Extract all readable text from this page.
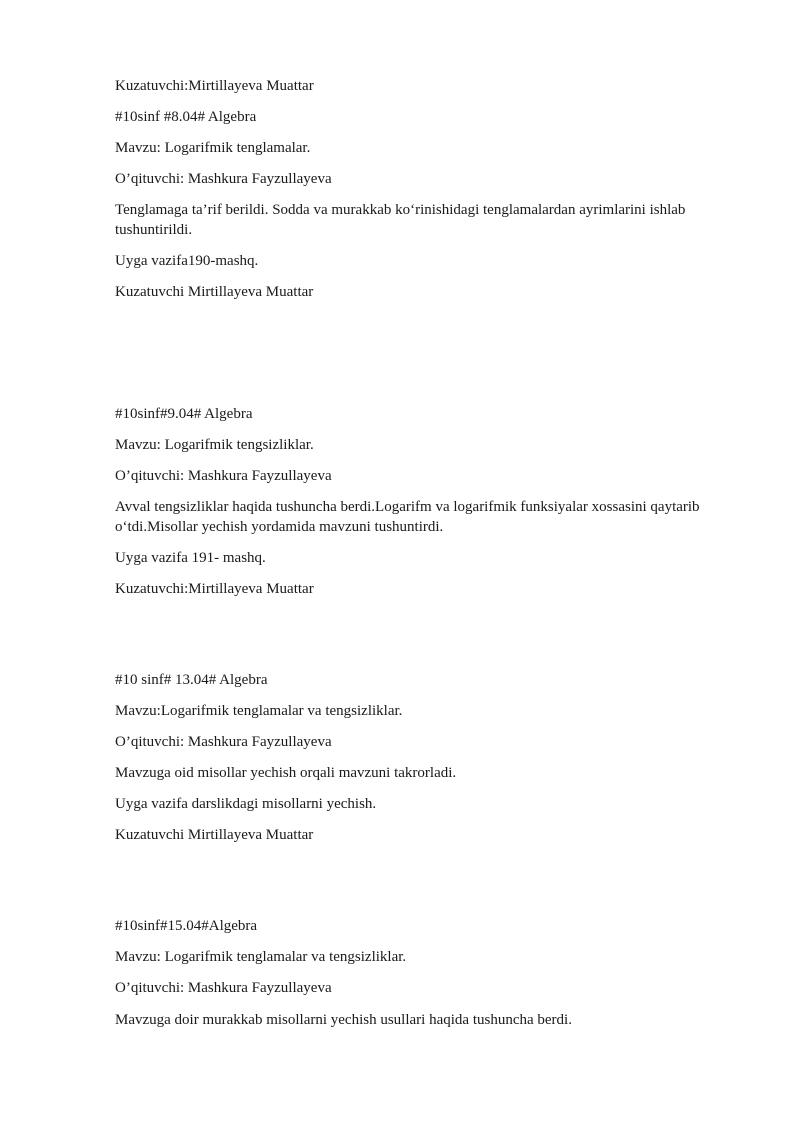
Kuzatuvchi:Mirtillayeva Muattar

#10sinf #8.04# Algebra

Mavzu: Logarifmik tenglamalar.

O’qituvchi: Mashkura Fayzullayeva

Tenglamaga ta’rif berildi. Sodda va murakkab ko‘rinishidagi tenglamalardan ayrimlarini ishlab tushuntirildi.

Uyga vazifa190-mashq.

Kuzatuvchi Mirtillayeva Muattar

#10sinf#9.04# Algebra

Mavzu: Logarifmik tengsizliklar.

O’qituvchi: Mashkura Fayzullayeva

Avval tengsizliklar haqida tushuncha berdi.Logarifm va logarifmik funksiyalar xossasini qaytarib o‘tdi.Misollar yechish yordamida mavzuni tushuntirdi.

Uyga vazifa 191- mashq.

Kuzatuvchi:Mirtillayeva Muattar

#10 sinf# 13.04# Algebra

Mavzu:Logarifmik tenglamalar va tengsizliklar.

O’qituvchi: Mashkura Fayzullayeva

Mavzuga oid misollar yechish orqali mavzuni takrorladi.

Uyga vazifa darslikdagi misollarni yechish.

Kuzatuvchi Mirtillayeva Muattar

#10sinf#15.04#Algebra

Mavzu: Logarifmik tenglamalar va tengsizliklar.

O’qituvchi: Mashkura Fayzullayeva

Mavzuga doir murakkab misollarni yechish usullari haqida tushuncha berdi.
